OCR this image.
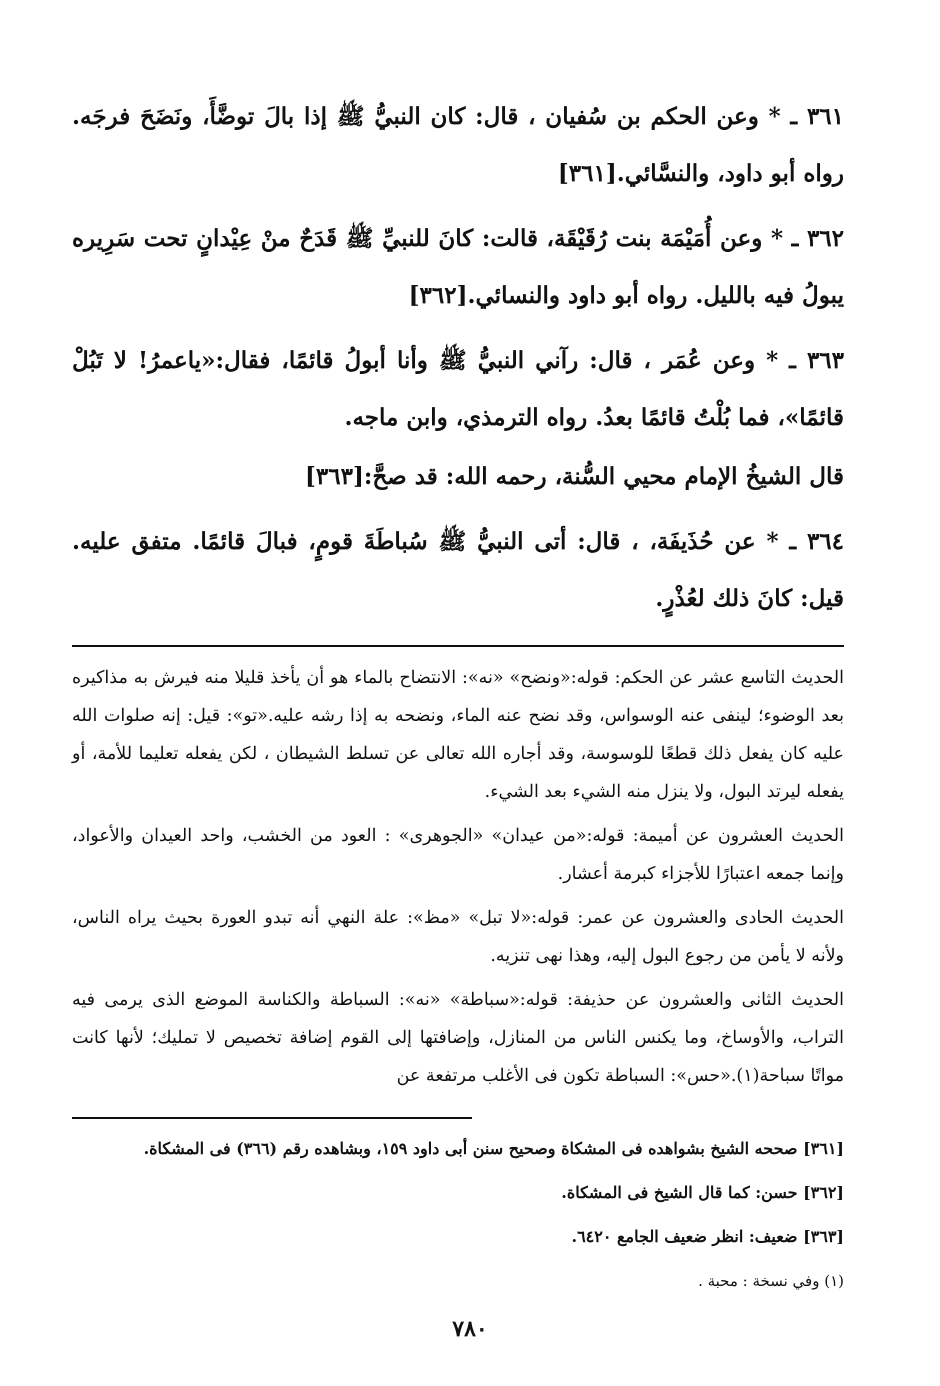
٣٦١ ـ * وعن الحكم بن سُفيان ، قال: كان النبيُّ ﷺ إذا بالَ توضَّأَ، ونَضَحَ فرجَه. رواه أبو داود، والنسَّائي.[٣٦١]

٣٦٢ ـ * وعن أُمَيْمَة بنت رُقَيْقَة، قالت: كانَ للنبيِّ ﷺ قَدَحٌ منْ عِيْدانٍ تحت سَرِيره يبولُ فيه بالليل. رواه أبو داود والنسائي.[٣٦٢]

٣٦٣ ـ * وعن عُمَر ، قال: رآني النبيُّ ﷺ وأنا أبولُ قائمًا، فقال:«ياعمرُ! لا تَبُلْ قائمًا»، فما بُلْتُ قائمًا بعدُ. رواه الترمذي، وابن ماجه.

قال الشيخُ الإمام محيي السُّنة، رحمه الله: قد صحَّ:[٣٦٣]

٣٦٤ ـ * عن حُذَيفَة، ، قال: أتى النبيُّ ﷺ سُباطَةَ قومٍ، فبالَ قائمًا. متفق عليه. قيل: كانَ ذلك لعُذْرٍ.

الحديث التاسع عشر عن الحكم: قوله:«ونضح» «نه»: الانتضاح بالماء هو أن يأخذ قليلا منه فيرش به مذاكيره بعد الوضوء؛ لينفى عنه الوسواس، وقد نضح عنه الماء، ونضحه به إذا رشه عليه.«تو»: قيل: إنه صلوات الله عليه كان يفعل ذلك قطعًا للوسوسة، وقد أجاره الله تعالى عن تسلط الشيطان ، لكن يفعله تعليما للأمة، أو يفعله ليرتد البول، ولا ينزل منه الشيء بعد الشيء.

الحديث العشرون عن أميمة: قوله:«من عيدان» «الجوهرى» : العود من الخشب، واحد العيدان والأعواد، وإنما جمعه اعتبارًا للأجزاء كبرمة أعشار.

الحديث الحادى والعشرون عن عمر: قوله:«لا تبل» «مظ»: علة النهي أنه تبدو العورة بحيث يراه الناس، ولأنه لا يأمن من رجوع البول إليه، وهذا نهى تنزيه.

الحديث الثانى والعشرون عن حذيفة: قوله:«سباطة» «نه»: السباطة والكناسة الموضع الذى يرمى فيه التراب، والأوساخ، وما يكنس الناس من المنازل، وإضافتها إلى القوم إضافة تخصيص لا تمليك؛ لأنها كانت مواتًا سباحة(١).«حس»: السباطة تكون فى الأغلب مرتفعة عن

[٣٦١] صححه الشيخ بشواهده فى المشكاة وصحيح سنن أبى داود ١٥٩، وبشاهده رقم (٣٦٦) فى المشكاة.

[٣٦٢] حسن: كما قال الشيخ فى المشكاة.

[٣٦٣] ضعيف: انظر ضعيف الجامع ٦٤٢٠.

(١) وفي نسخة : محبة .

٧٨٠
